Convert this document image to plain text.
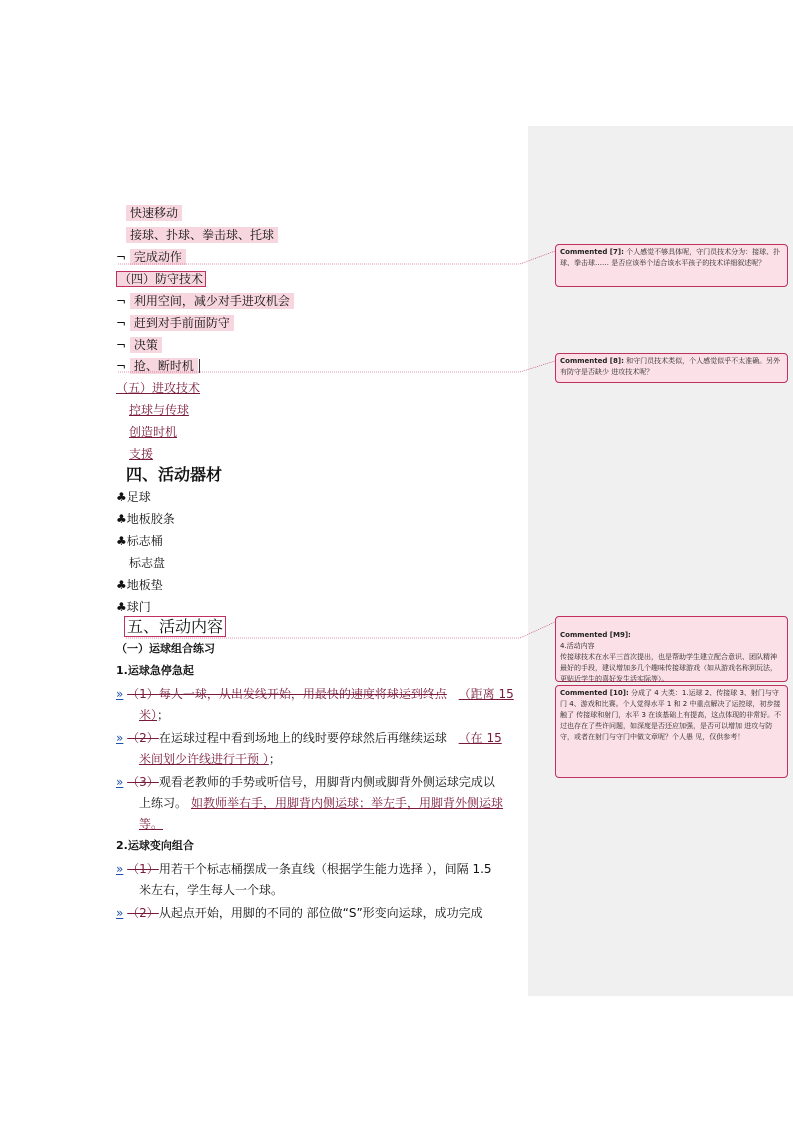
快速移动
接球、扑球、拳击球、托球
¬ 完成动作
（四）防守技术
¬ 利用空间，减少对手进攻机会
¬ 赶到对手前面防守
¬ 决策
¬ 抢、断时机
（五）进攻技术
控球与传球
创造时机
支援
四、活动器材
♣足球
♣地板胶条
♣标志桶
标志盘
♣地板垫
♣球门
五、活动内容
（一）运球组合练习
1.运球急停急起
» （1）每人一球，从出发线开始，用最快的速度将球运到终点 （距离 15
米）；
» （2）在运球过程中看到场地上的线时要停球然后再继续运球 （在 15
米间划少许线进行干预 ）；
» （3）观看老教师的手势或听信号，用脚背内侧或脚背外侧运球完成以
上练习。 如教师举右手，用脚背内侧运球；举左手，用脚背外侧运球
等。
2.运球变向组合
» （1）用若干个标志桶摆成一条直线（根据学生能力选择 ），间隔 1.5
米左右，学生每人一个球。
» （2）从起点开始，用脚的不同的 部位做“S”形变向运球，成功完成
Commented [7]: 个人感觉不够具体呢，守门员技术分为：接球、扑球、拳击球…… 是否应该举个适合该水平孩子的技术详细叙述呢？
Commented [8]: 和守门员技术类似，个人感觉似乎不太准确。另外有防守是否缺少 进攻技术呢？

Commented [M9]:
4.活动内容
传接球技术在水平三首次提出，也是帮助学生建立配合意识、团队精神最好的手段，建议增加多几个趣味传接球游戏（如从游戏名称到玩法，更贴近学生的喜好发生活实际等）。

Commented [10]: 分成了 4 大类：1.运球 2、传接球 3、射门与守门 4、游戏和比赛。个人觉得水平 1 和 2 中重点解决了运控球，初步接触了 传接球和射门，水平 3 在该基础上有提高，这点体现的非常好。不过也存在了些许问题，如深度是否还应加强，是否可以增加 进攻与防守，或者在射门与守门中做文章呢？个人愚 见，仅供参考！
